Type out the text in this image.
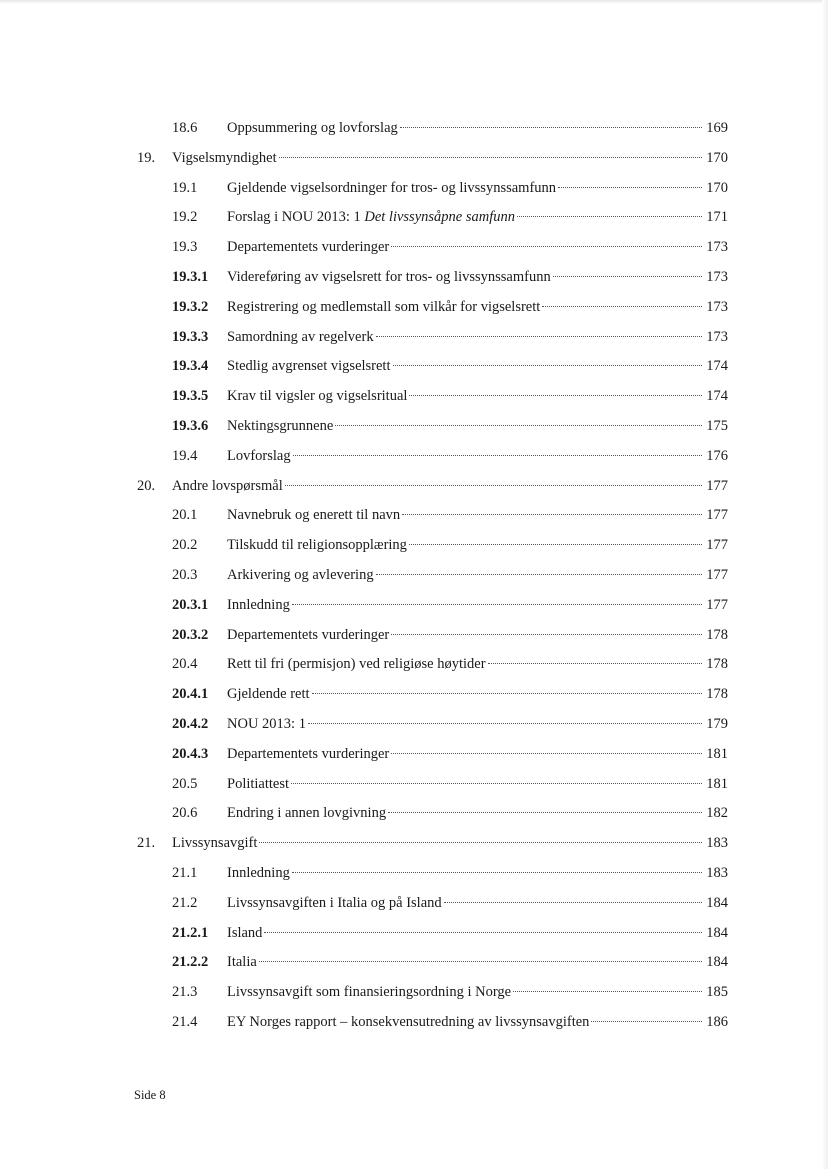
18.6 Oppsummering og lovforslag	169
19. Vigselsmyndighet	170
19.1 Gjeldende vigselsordninger for tros- og livssynssamfunn	170
19.2 Forslag i NOU 2013: 1 Det livssynsåpne samfunn	171
19.3 Departementets vurderinger	173
19.3.1 Videreføring av vigselsrett for tros- og livssynssamfunn	173
19.3.2 Registrering og medlemstall som vilkår for vigselsrett	173
19.3.3 Samordning av regelverk	173
19.3.4 Stedlig avgrenset vigselsrett	174
19.3.5 Krav til vigsler og vigselsritual	174
19.3.6 Nektingsgrunnene	175
19.4 Lovforslag	176
20. Andre lovspørsmål	177
20.1 Navnebruk og enerett til navn	177
20.2 Tilskudd til religionsopplæring	177
20.3 Arkivering og avlevering	177
20.3.1 Innledning	177
20.3.2 Departementets vurderinger	178
20.4 Rett til fri (permisjon) ved religiøse høytider	178
20.4.1 Gjeldende rett	178
20.4.2 NOU 2013: 1	179
20.4.3 Departementets vurderinger	181
20.5 Politiattest	181
20.6 Endring i annen lovgivning	182
21. Livssynsavgift	183
21.1 Innledning	183
21.2 Livssynsavgiften i Italia og på Island	184
21.2.1 Island	184
21.2.2 Italia	184
21.3 Livssynsavgift som finansieringsordning i Norge	185
21.4 EY Norges rapport – konsekvensutredning av livssynsavgiften	186
Side 8
